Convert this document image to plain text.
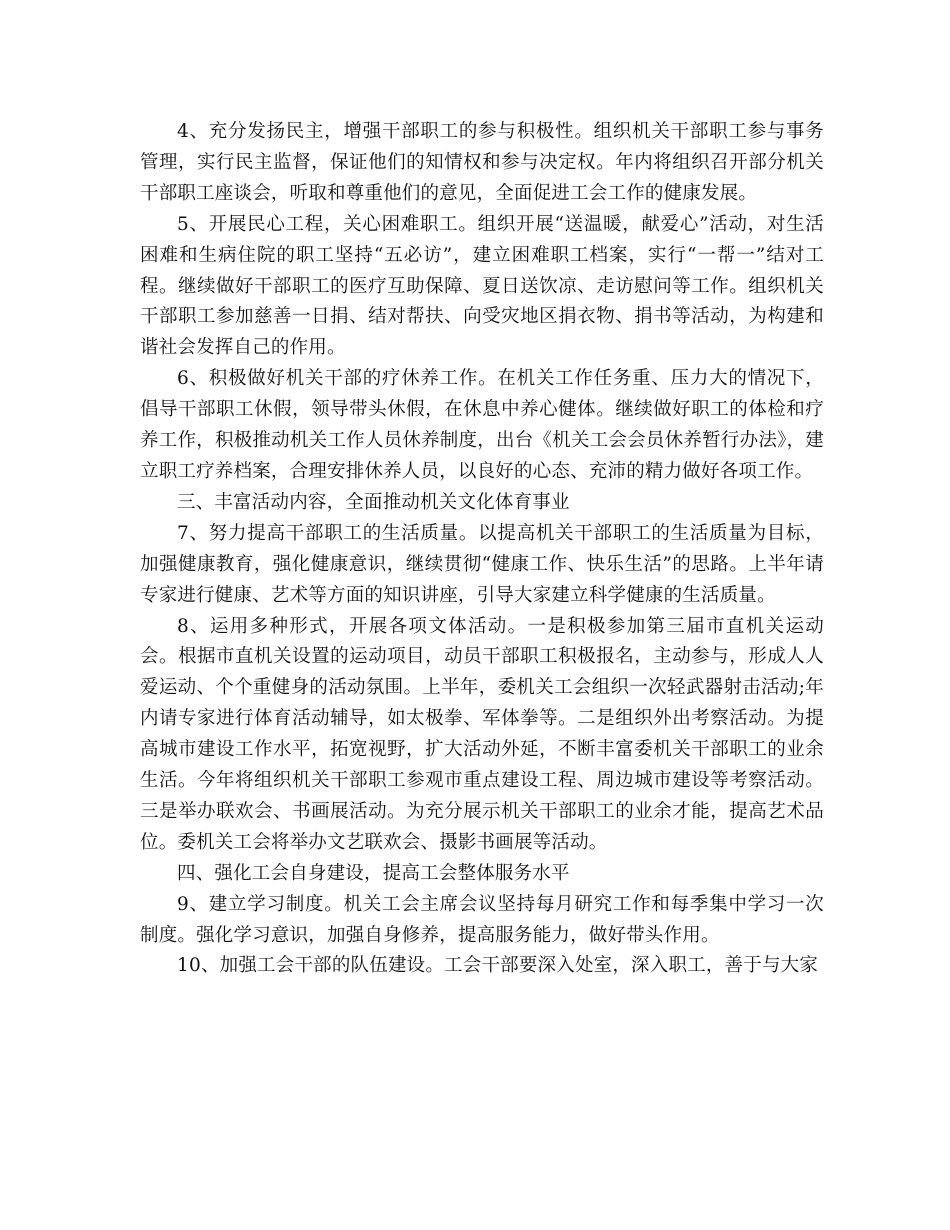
4、充分发扬民主，增强干部职工的参与积极性。组织机关干部职工参与事务管理，实行民主监督，保证他们的知情权和参与决定权。年内将组织召开部分机关干部职工座谈会，听取和尊重他们的意见，全面促进工会工作的健康发展。

5、开展民心工程，关心困难职工。组织开展“送温暖，献爱心”活动，对生活困难和生病住院的职工坚持“五必访”，建立困难职工档案，实行“一帮一”结对工程。继续做好干部职工的医疗互助保障、夏日送饮凉、走访慰问等工作。组织机关干部职工参加慈善一日捐、结对帮扶、向受灾地区捐衣物、捐书等活动，为构建和谐社会发挥自己的作用。

6、积极做好机关干部的疗休养工作。在机关工作任务重、压力大的情况下，倡导干部职工休假，领导带头休假，在休息中养心健体。继续做好职工的体检和疗养工作，积极推动机关工作人员休养制度，出台《机关工会会员休养暂行办法》，建立职工疗养档案，合理安排休养人员，以良好的心态、充沛的精力做好各项工作。

三、丰富活动内容，全面推动机关文化体育事业

7、努力提高干部职工的生活质量。以提高机关干部职工的生活质量为目标，加强健康教育，强化健康意识，继续贯彻“健康工作、快乐生活”的思路。上半年请专家进行健康、艺术等方面的知识讲座，引导大家建立科学健康的生活质量。

8、运用多种形式，开展各项文体活动。一是积极参加第三届市直机关运动会。根据市直机关设置的运动项目，动员干部职工积极报名，主动参与，形成人人爱运动、个个重健身的活动氛围。上半年，委机关工会组织一次轻武器射击活动;年内请专家进行体育活动辅导，如太极拳、军体拳等。二是组织外出考察活动。为提高城市建设工作水平，拓宽视野，扩大活动外延，不断丰富委机关干部职工的业余生活。今年将组织机关干部职工参观市重点建设工程、周边城市建设等考察活动。三是举办联欢会、书画展活动。为充分展示机关干部职工的业余才能，提高艺术品位。委机关工会将举办文艺联欢会、摄影书画展等活动。

四、强化工会自身建设，提高工会整体服务水平

9、建立学习制度。机关工会主席会议坚持每月研究工作和每季集中学习一次制度。强化学习意识，加强自身修养，提高服务能力，做好带头作用。

10、加强工会干部的队伍建设。工会干部要深入处室，深入职工，善于与大家
